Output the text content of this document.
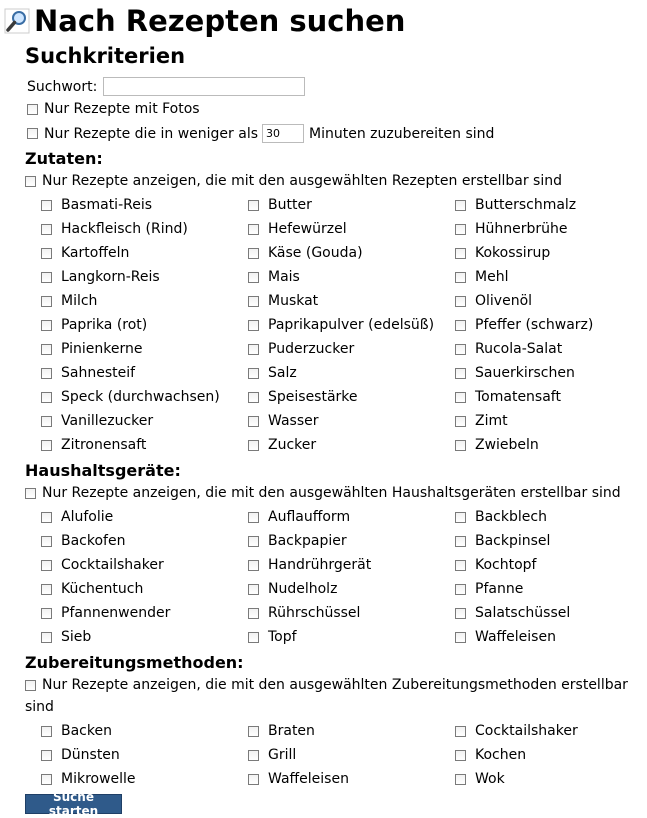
Nach Rezepten suchen
Suchkriterien
Suchwort:
Nur Rezepte mit Fotos
Nur Rezepte die in weniger als
30	Minuten zuzubereiten sind
Zutaten:
Nur Rezepte anzeigen, die mit den ausgewählten Rezepten erstellbar sind
Basmati-Reis	Butter	Butterschmalz
Hackfleisch (Rind)	Hefewürzel	Hühnerbrühe
Kartoffeln	Käse (Gouda)	Kokossirup
Langkorn-Reis	Mais	Mehl
Milch	Muskat	Olivenöl
Paprika (rot)	Paprikapulver (edelsüß)	Pfeffer (schwarz)
Pinienkerne	Puderzucker	Rucola-Salat
Sahnesteif	Salz	Sauerkirschen
Speck (durchwachsen)	Speisestärke	Tomatensaft
Vanillezucker	Wasser	Zimt
Zitronensaft	Zucker	Zwiebeln
Haushaltsgeräte:
Nur Rezepte anzeigen, die mit den ausgewählten Haushaltsgeräten erstellbar sind
Alufolie	Auflaufform	Backblech
Backofen	Backpapier	Backpinsel
Cocktailshaker	Handrührgerät	Kochtopf
Küchentuch	Nudelholz	Pfanne
Pfannenwender	Rührschüssel	Salatschüssel
Sieb	Topf	Waffeleisen
Zubereitungsmethoden:
Nur Rezepte anzeigen, die mit den ausgewählten Zubereitungsmethoden erstellbar
sind
Backen	Braten	Cocktailshaker
Dünsten	Grill	Kochen
Mikrowelle	Waffeleisen	Wok
Suche starten
